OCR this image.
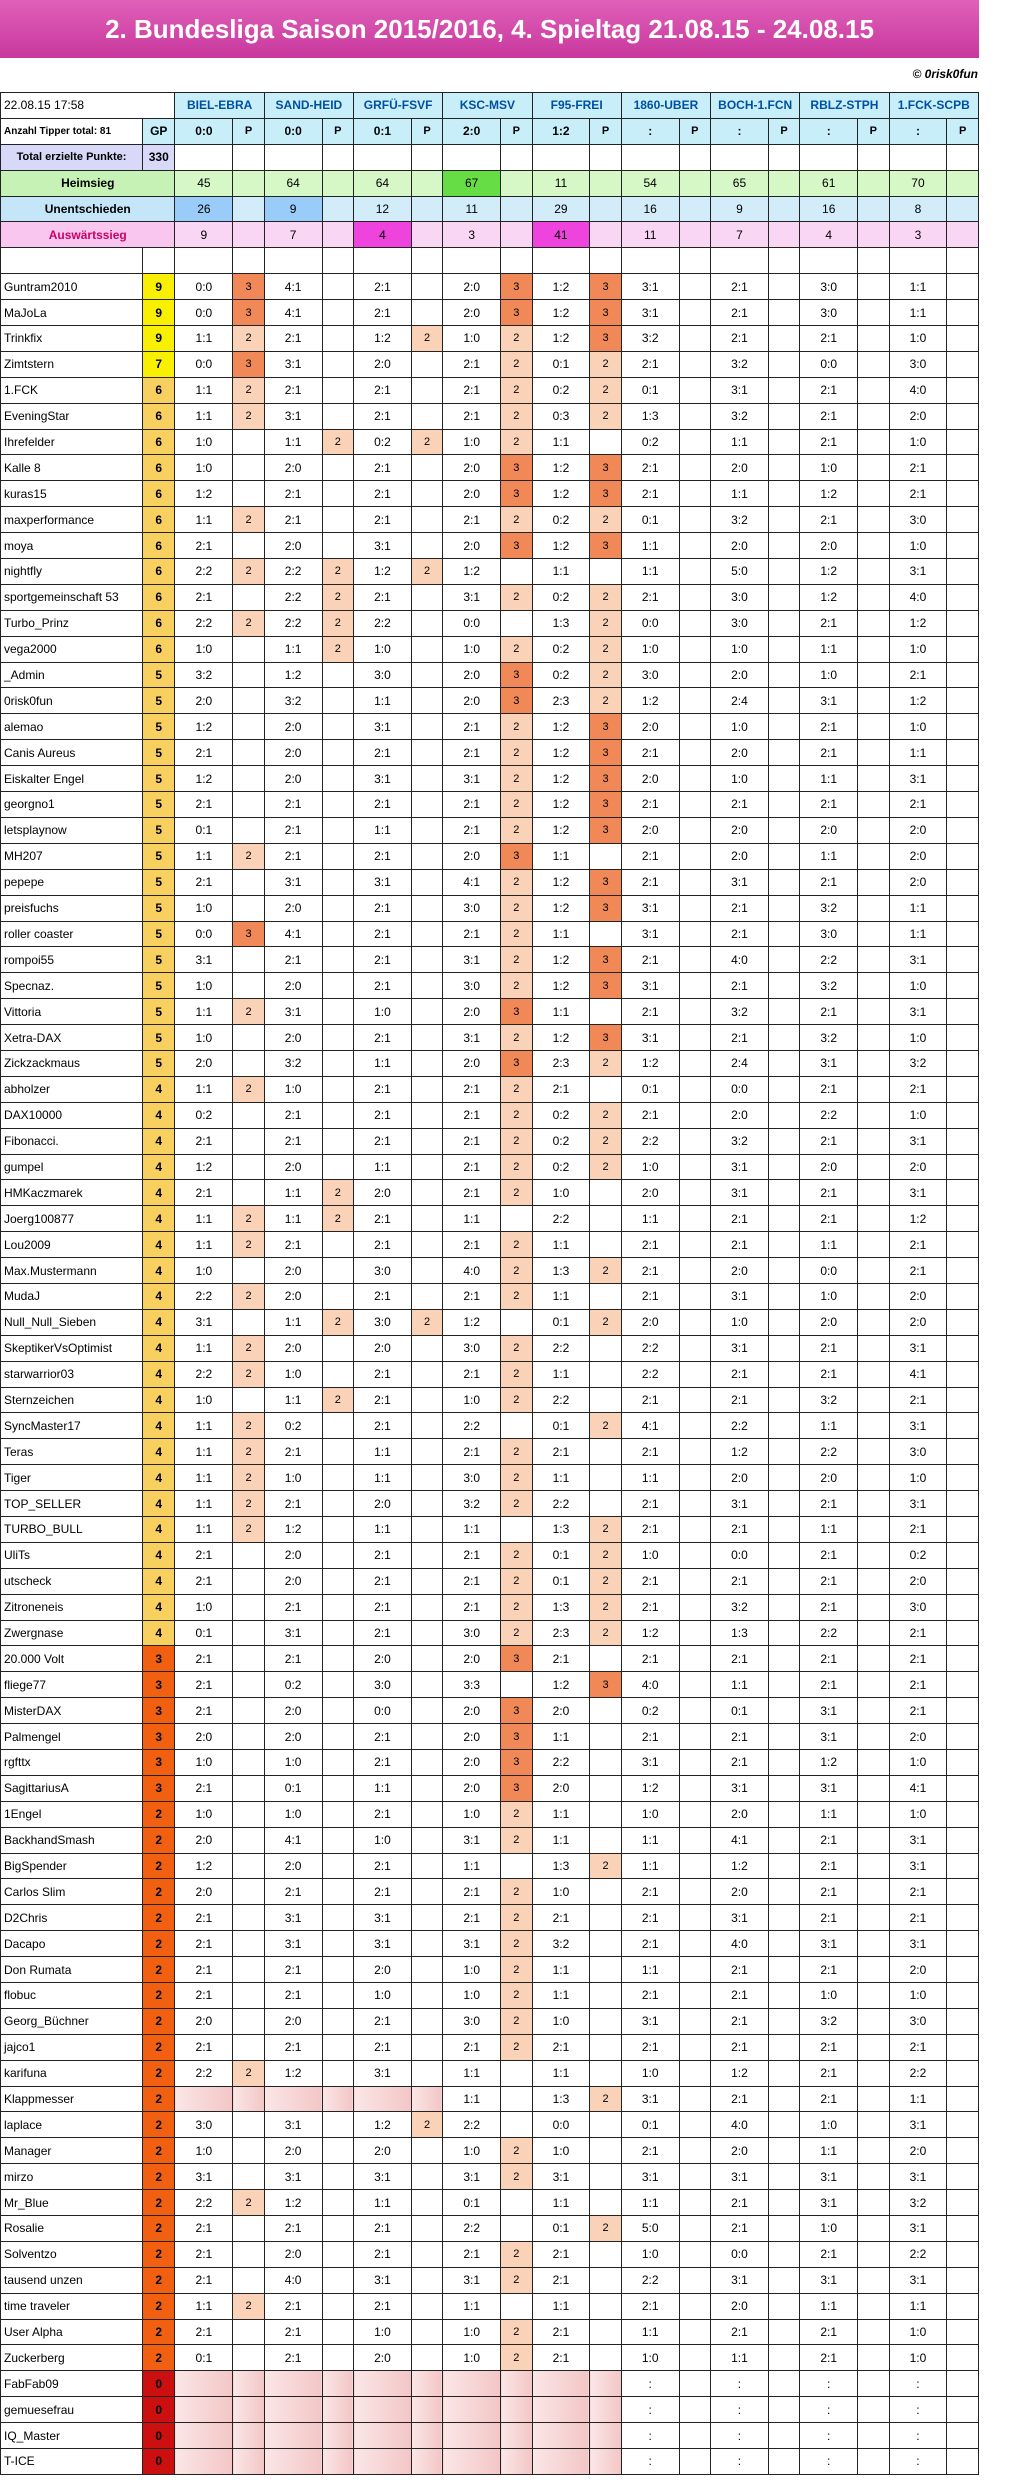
2. Bundesliga Saison 2015/2016, 4. Spieltag 21.08.15 - 24.08.15
© 0risk0fun
22.08.15 17:58		BIEL-EBRA		SAND-HEID		GRFÜ-FSVF		KSC-MSV		F95-FREI		1860-UBER		BOCH-1.FCN		RBLZ-STPH		1.FCK-SCPB	
Anzahl Tipper total: 81	GP	0:0	P	0:0	P	0:1	P	2:0	P	1:2	P	:	P	:	P	:	P	:	P
Total erzielte Punkte:	330																		
Heimsieg		45		64		64		67		11		54		65		61		70	
Unentschieden		26		9		12		11		29		16		9		16		8	
Auswärtssieg		9		7		4		3		41		11		7		4		3	

Guntram2010	9	0:0	3	4:1		2:1		2:0	3	1:2	3	3:1		2:1		3:0		1:1	
MaJoLa	9	0:0	3	4:1		2:1		2:0	3	1:2	3	3:1		2:1		3:0		1:1	
Trinkfix	9	1:1	2	2:1		1:2	2	1:0	2	1:2	3	3:2		2:1		2:1		1:0	
Zimtstern	7	0:0	3	3:1		2:0		2:1	2	0:1	2	2:1		3:2		0:0		3:0	
1.FCK	6	1:1	2	2:1		2:1		2:1	2	0:2	2	0:1		3:1		2:1		4:0	
EveningStar	6	1:1	2	3:1		2:1		2:1	2	0:3	2	1:3		3:2		2:1		2:0	
Ihrefelder	6	1:0		1:1	2	0:2	2	1:0	2	1:1		0:2		1:1		2:1		1:0	
Kalle 8	6	1:0		2:0		2:1		2:0	3	1:2	3	2:1		2:0		1:0		2:1	
kuras15	6	1:2		2:1		2:1		2:0	3	1:2	3	2:1		1:1		1:2		2:1	
maxperformance	6	1:1	2	2:1		2:1		2:1	2	0:2	2	0:1		3:2		2:1		3:0	
moya	6	2:1		2:0		3:1		2:0	3	1:2	3	1:1		2:0		2:0		1:0	
nightfly	6	2:2	2	2:2	2	1:2	2	1:2		1:1		1:1		5:0		1:2		3:1	
sportgemeinschaft 53	6	2:1		2:2	2	2:1		3:1	2	0:2	2	2:1		3:0		1:2		4:0	
Turbo_Prinz	6	2:2	2	2:2	2	2:2		0:0		1:3	2	0:0		3:0		2:1		1:2	
vega2000	6	1:0		1:1	2	1:0		1:0	2	0:2	2	1:0		1:0		1:1		1:0	
_Admin	5	3:2		1:2		3:0		2:0	3	0:2	2	3:0		2:0		1:0		2:1	
0risk0fun	5	2:0		3:2		1:1		2:0	3	2:3	2	1:2		2:4		3:1		1:2	
alemao	5	1:2		2:0		3:1		2:1	2	1:2	3	2:0		1:0		2:1		1:0	
Canis Aureus	5	2:1		2:0		2:1		2:1	2	1:2	3	2:1		2:0		2:1		1:1	
Eiskalter Engel	5	1:2		2:0		3:1		3:1	2	1:2	3	2:0		1:0		1:1		3:1	
georgno1	5	2:1		2:1		2:1		2:1	2	1:2	3	2:1		2:1		2:1		2:1	
letsplaynow	5	0:1		2:1		1:1		2:1	2	1:2	3	2:0		2:0		2:0		2:0	
MH207	5	1:1	2	2:1		2:1		2:0	3	1:1		2:1		2:0		1:1		2:0	
pepepe	5	2:1		3:1		3:1		4:1	2	1:2	3	2:1		3:1		2:1		2:0	
preisfuchs	5	1:0		2:0		2:1		3:0	2	1:2	3	3:1		2:1		3:2		1:1	
roller coaster	5	0:0	3	4:1		2:1		2:1	2	1:1		3:1		2:1		3:0		1:1	
rompoi55	5	3:1		2:1		2:1		3:1	2	1:2	3	2:1		4:0		2:2		3:1	
Specnaz.	5	1:0		2:0		2:1		3:0	2	1:2	3	3:1		2:1		3:2		1:0	
Vittoria	5	1:1	2	3:1		1:0		2:0	3	1:1		2:1		3:2		2:1		3:1	
Xetra-DAX	5	1:0		2:0		2:1		3:1	2	1:2	3	3:1		2:1		3:2		1:0	
Zickzackmaus	5	2:0		3:2		1:1		2:0	3	2:3	2	1:2		2:4		3:1		3:2	
abholzer	4	1:1	2	1:0		2:1		2:1	2	2:1		0:1		0:0		2:1		2:1	
DAX10000	4	0:2		2:1		2:1		2:1	2	0:2	2	2:1		2:0		2:2		1:0	
Fibonacci.	4	2:1		2:1		2:1		2:1	2	0:2	2	2:2		3:2		2:1		3:1	
gumpel	4	1:2		2:0		1:1		2:1	2	0:2	2	1:0		3:1		2:0		2:0	
HMKaczmarek	4	2:1		1:1	2	2:0		2:1	2	1:0		2:0		3:1		2:1		3:1	
Joerg100877	4	1:1	2	1:1	2	2:1		1:1		2:2		1:1		2:1		2:1		1:2	
Lou2009	4	1:1	2	2:1		2:1		2:1	2	1:1		2:1		2:1		1:1		2:1	
Max.Mustermann	4	1:0		2:0		3:0		4:0	2	1:3	2	2:1		2:0		0:0		2:1	
MudaJ	4	2:2	2	2:0		2:1		2:1	2	1:1		2:1		3:1		1:0		2:0	
Null_Null_Sieben	4	3:1		1:1	2	3:0	2	1:2		0:1	2	2:0		1:0		2:0		2:0	
SkeptikerVsOptimist	4	1:1	2	2:0		2:0		3:0	2	2:2		2:2		3:1		2:1		3:1	
starwarrior03	4	2:2	2	1:0		2:1		2:1	2	1:1		2:2		2:1		2:1		4:1	
Sternzeichen	4	1:0		1:1	2	2:1		1:0	2	2:2		2:1		2:1		3:2		2:1	
SyncMaster17	4	1:1	2	0:2		2:1		2:2		0:1	2	4:1		2:2		1:1		3:1	
Teras	4	1:1	2	2:1		1:1		2:1	2	2:1		2:1		1:2		2:2		3:0	
Tiger	4	1:1	2	1:0		1:1		3:0	2	1:1		1:1		2:0		2:0		1:0	
TOP_SELLER	4	1:1	2	2:1		2:0		3:2	2	2:2		2:1		3:1		2:1		3:1	
TURBO_BULL	4	1:1	2	1:2		1:1		1:1		1:3	2	2:1		2:1		1:1		2:1	
UliTs	4	2:1		2:0		2:1		2:1	2	0:1	2	1:0		0:0		2:1		0:2	
utscheck	4	2:1		2:0		2:1		2:1	2	0:1	2	2:1		2:1		2:1		2:0	
Zitroneneis	4	1:0		2:1		2:1		2:1	2	1:3	2	2:1		3:2		2:1		3:0	
Zwergnase	4	0:1		3:1		2:1		3:0	2	2:3	2	1:2		1:3		2:2		2:1	
20.000 Volt	3	2:1		2:1		2:0		2:0	3	2:1		2:1		2:1		2:1		2:1	
fliege77	3	2:1		0:2		3:0		3:3		1:2	3	4:0		1:1		2:1		2:1	
MisterDAX	3	2:1		2:0		0:0		2:0	3	2:0		0:2		0:1		3:1		2:1	
Palmengel	3	2:0		2:0		2:1		2:0	3	1:1		2:1		2:1		3:1		2:0	
rgfttx	3	1:0		1:0		2:1		2:0	3	2:2		3:1		2:1		1:2		1:0	
SagittariusA	3	2:1		0:1		1:1		2:0	3	2:0		1:2		3:1		3:1		4:1	
1Engel	2	1:0		1:0		2:1		1:0	2	1:1		1:0		2:0		1:1		1:0	
BackhandSmash	2	2:0		4:1		1:0		3:1	2	1:1		1:1		4:1		2:1		3:1	
BigSpender	2	1:2		2:0		2:1		1:1		1:3	2	1:1		1:2		2:1		3:1	
Carlos Slim	2	2:0		2:1		2:1		2:1	2	1:0		2:1		2:0		2:1		2:1	
D2Chris	2	2:1		3:1		3:1		2:1	2	2:1		2:1		3:1		2:1		2:1	
Dacapo	2	2:1		3:1		3:1		3:1	2	3:2		2:1		4:0		3:1		3:1	
Don Rumata	2	2:1		2:1		2:0		1:0	2	1:1		1:1		2:1		2:1		2:0	
flobuc	2	2:1		2:1		1:0		1:0	2	1:1		2:1		2:1		1:0		1:0	
Georg_Büchner	2	2:0		2:0		2:1		3:0	2	1:0		3:1		2:1		3:2		3:0	
jajco1	2	2:1		2:1		2:1		2:1	2	2:1		2:1		2:1		2:1		2:1	
karifuna	2	2:2	2	1:2		3:1		1:1		1:1		1:0		1:2		2:1		2:2	
Klappmesser	2							1:1		1:3	2	3:1		2:1		2:1		1:1	
laplace	2	3:0		3:1		1:2	2	2:2		0:0		0:1		4:0		1:0		3:1	
Manager	2	1:0		2:0		2:0		1:0	2	1:0		2:1		2:0		1:1		2:0	
mirzo	2	3:1		3:1		3:1		3:1	2	3:1		3:1		3:1		3:1		3:1	
Mr_Blue	2	2:2	2	1:2		1:1		0:1		1:1		1:1		2:1		3:1		3:2	
Rosalie	2	2:1		2:1		2:1		2:2		0:1	2	5:0		2:1		1:0		3:1	
Solventzo	2	2:1		2:0		2:1		2:1	2	2:1		1:0		0:0		2:1		2:2	
tausend unzen	2	2:1		4:0		3:1		3:1	2	2:1		2:2		3:1		3:1		3:1	
time traveler	2	1:1	2	2:1		2:1		1:1		1:1		2:1		2:0		1:1		1:1	
User Alpha	2	2:1		2:1		1:0		1:0	2	2:1		1:1		2:1		2:1		1:0	
Zuckerberg	2	0:1		2:1		2:0		1:0	2	2:1		1:0		1:1		2:1		1:0	
FabFab09	0											:		:		:		:	
gemuesefrau	0											:		:		:		:	
IQ_Master	0											:		:		:		:	
T-ICE	0											:		:		:		:	
